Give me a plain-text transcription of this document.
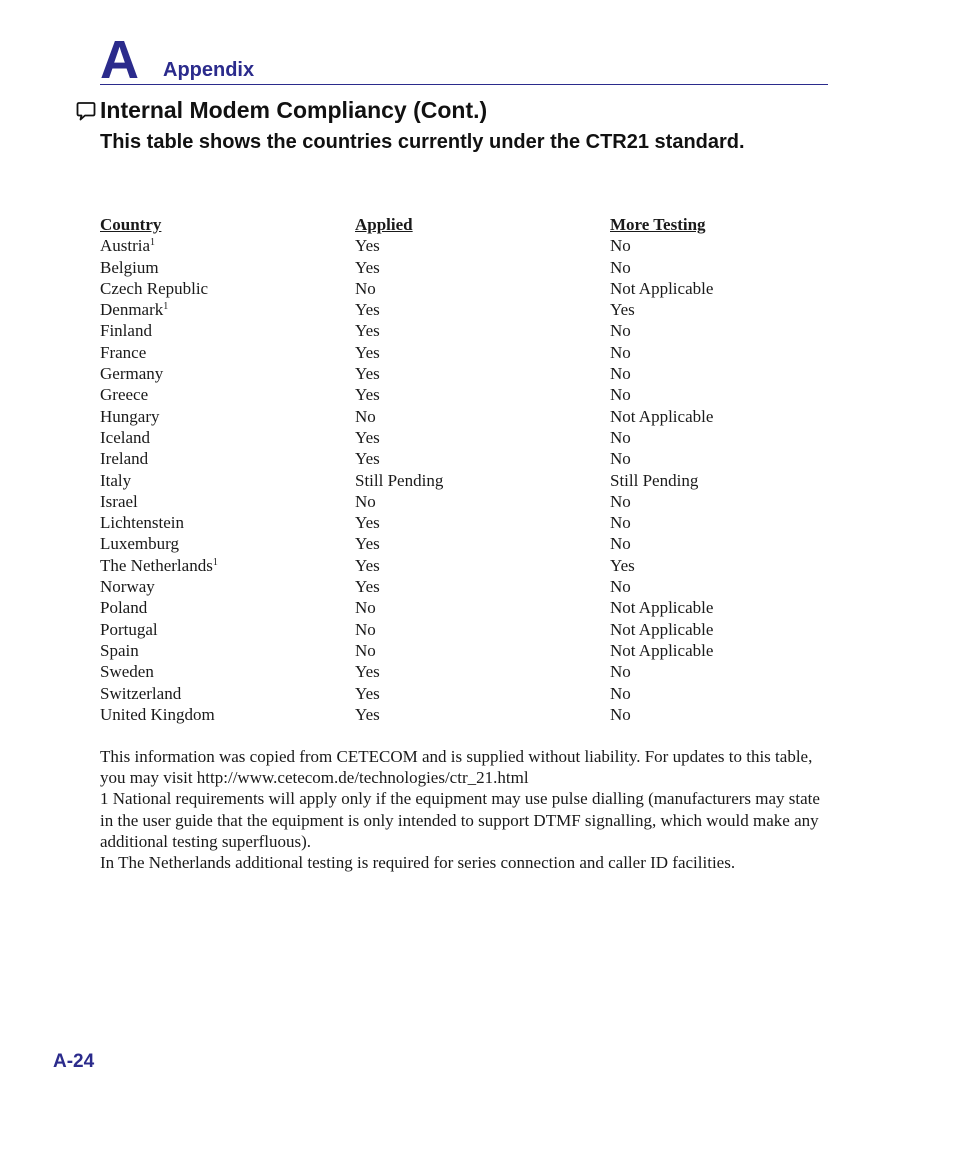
A Appendix
Internal Modem Compliancy (Cont.)
This table shows the countries currently under the CTR21 standard.
Country	Applied	More Testing
Austria$^1$	Yes	No
Belgium	Yes	No
Czech Republic	No	Not Applicable
Denmark$^1$	Yes	Yes
Finland	Yes	No
France	Yes	No
Germany	Yes	No
Greece	Yes	No
Hungary	No	Not Applicable
Iceland	Yes	No
Ireland	Yes	No
Italy	Still Pending	Still Pending
Israel	No	No
Lichtenstein	Yes	No
Luxemburg	Yes	No
The Netherlands$^1$	Yes	Yes
Norway	Yes	No
Poland	No	Not Applicable
Portugal	No	Not Applicable
Spain	No	Not Applicable
Sweden	Yes	No
Switzerland	Yes	No
United Kingdom	Yes	No

This information was copied from CETECOM and is supplied without liability. For updates to this table, you may visit http://www.cetecom.de/technologies/ctr_21.html

1 National requirements will apply only if the equipment may use pulse dialling (manufacturers may state in the user guide that the equipment is only intended to support DTMF signalling, which would make any additional testing superfluous).

In The Netherlands additional testing is required for series connection and caller ID facilities.

A-24
